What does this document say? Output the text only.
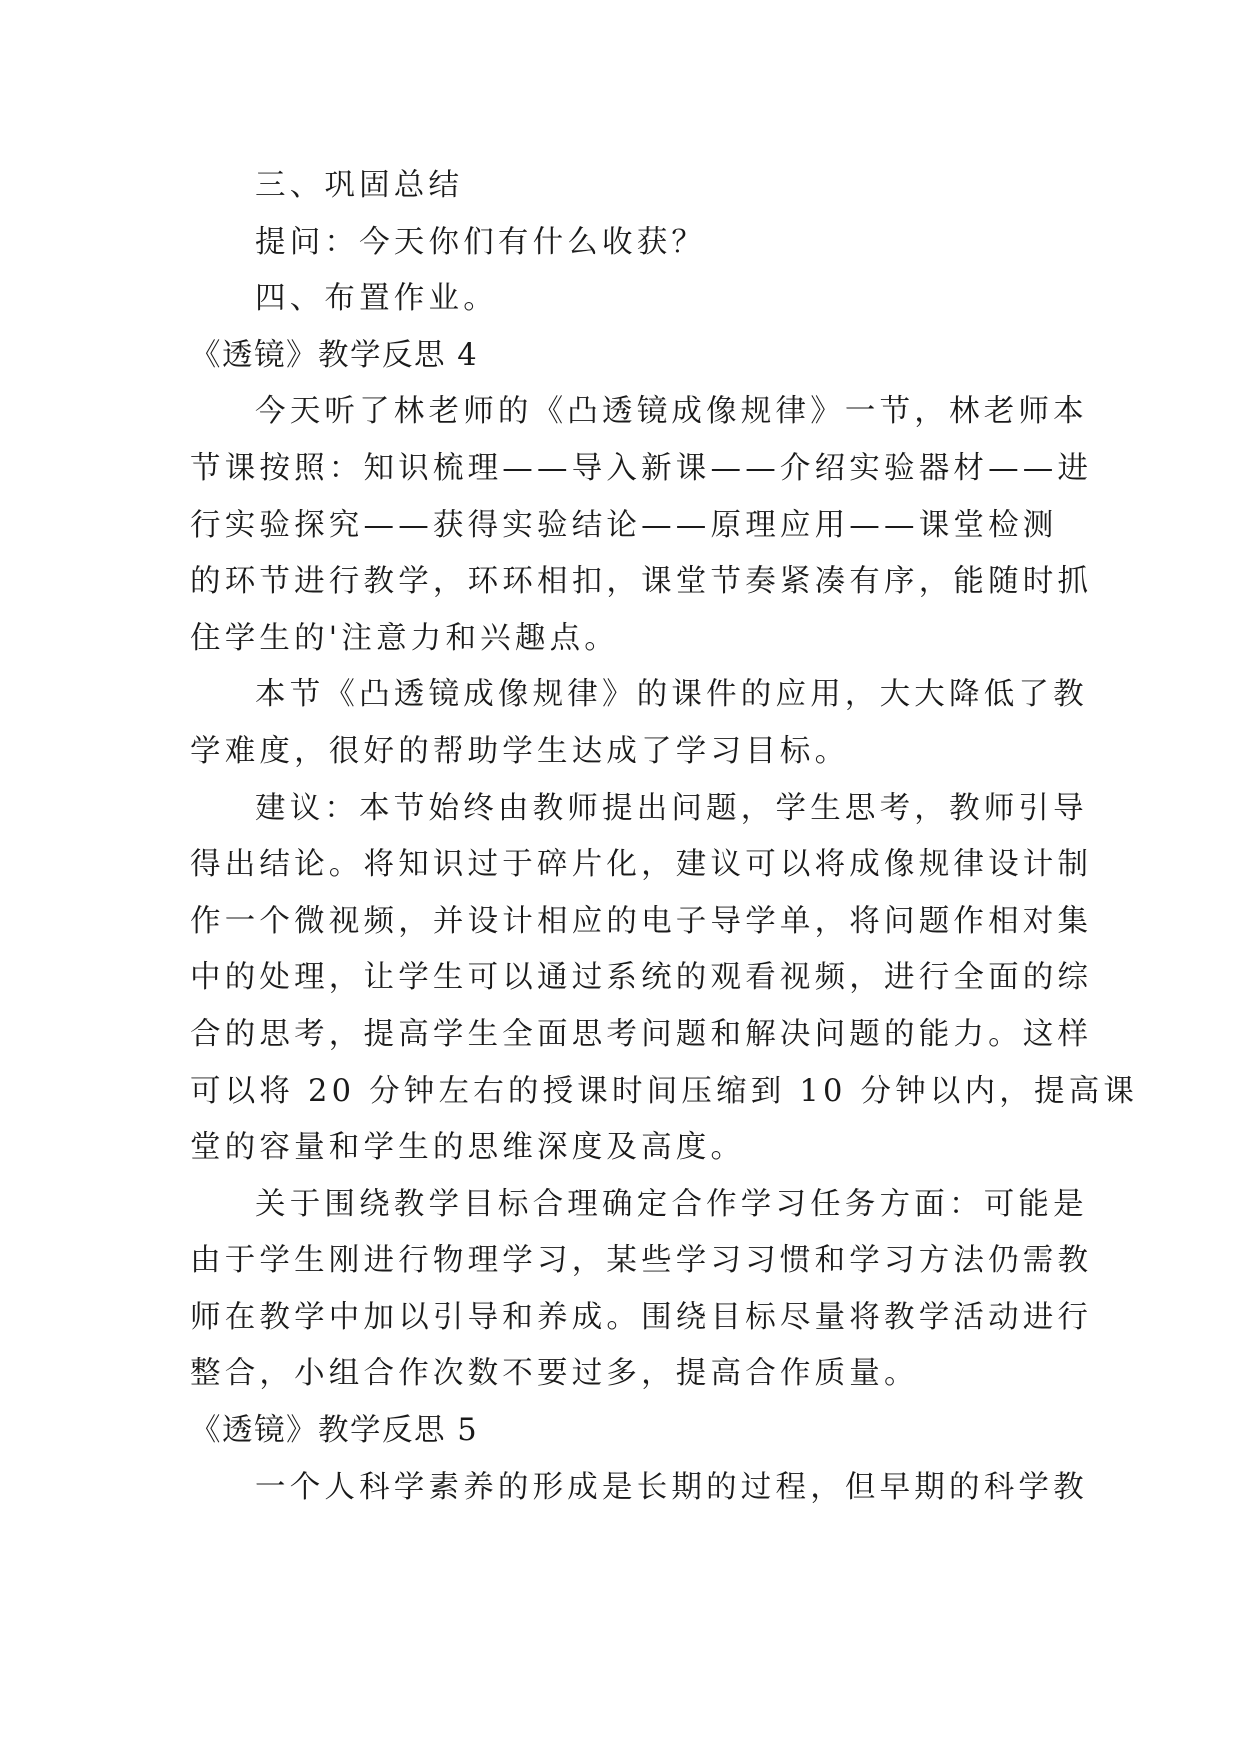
三、巩固总结

提问：今天你们有什么收获？

四、布置作业。

《透镜》教学反思 4

今天听了林老师的《凸透镜成像规律》一节，林老师本

节课按照：知识梳理——导入新课——介绍实验器材——进

行实验探究——获得实验结论——原理应用——课堂检测

的环节进行教学，环环相扣，课堂节奏紧凑有序，能随时抓

住学生的'注意力和兴趣点。

本节《凸透镜成像规律》的课件的应用，大大降低了教

学难度，很好的帮助学生达成了学习目标。

建议：本节始终由教师提出问题，学生思考，教师引导

得出结论。将知识过于碎片化，建议可以将成像规律设计制

作一个微视频，并设计相应的电子导学单，将问题作相对集

中的处理，让学生可以通过系统的观看视频，进行全面的综

合的思考，提高学生全面思考问题和解决问题的能力。这样

可以将 20 分钟左右的授课时间压缩到 10 分钟以内，提高课

堂的容量和学生的思维深度及高度。

关于围绕教学目标合理确定合作学习任务方面：可能是

由于学生刚进行物理学习，某些学习习惯和学习方法仍需教

师在教学中加以引导和养成。围绕目标尽量将教学活动进行

整合，小组合作次数不要过多，提高合作质量。

《透镜》教学反思 5

一个人科学素养的形成是长期的过程，但早期的科学教
